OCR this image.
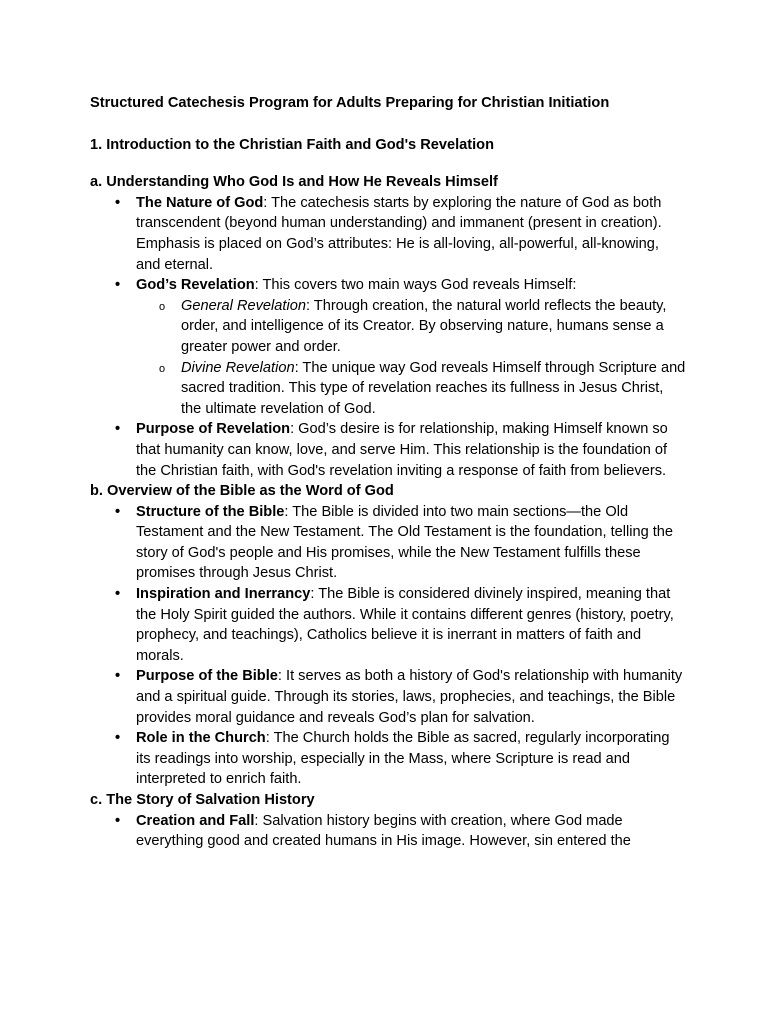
Structured Catechesis Program for Adults Preparing for Christian Initiation
1. Introduction to the Christian Faith and God's Revelation
a. Understanding Who God Is and How He Reveals Himself
• The Nature of God: The catechesis starts by exploring the nature of God as both transcendent (beyond human understanding) and immanent (present in creation). Emphasis is placed on God’s attributes: He is all-loving, all-powerful, all-knowing, and eternal.
• God’s Revelation: This covers two main ways God reveals Himself:
o General Revelation: Through creation, the natural world reflects the beauty, order, and intelligence of its Creator. By observing nature, humans sense a greater power and order.
o Divine Revelation: The unique way God reveals Himself through Scripture and sacred tradition. This type of revelation reaches its fullness in Jesus Christ, the ultimate revelation of God.
• Purpose of Revelation: God’s desire is for relationship, making Himself known so that humanity can know, love, and serve Him. This relationship is the foundation of the Christian faith, with God's revelation inviting a response of faith from believers.
b. Overview of the Bible as the Word of God
• Structure of the Bible: The Bible is divided into two main sections—the Old Testament and the New Testament. The Old Testament is the foundation, telling the story of God's people and His promises, while the New Testament fulfills these promises through Jesus Christ.
• Inspiration and Inerrancy: The Bible is considered divinely inspired, meaning that the Holy Spirit guided the authors. While it contains different genres (history, poetry, prophecy, and teachings), Catholics believe it is inerrant in matters of faith and morals.
• Purpose of the Bible: It serves as both a history of God's relationship with humanity and a spiritual guide. Through its stories, laws, prophecies, and teachings, the Bible provides moral guidance and reveals God’s plan for salvation.
• Role in the Church: The Church holds the Bible as sacred, regularly incorporating its readings into worship, especially in the Mass, where Scripture is read and interpreted to enrich faith.
c. The Story of Salvation History
• Creation and Fall: Salvation history begins with creation, where God made everything good and created humans in His image. However, sin entered the
